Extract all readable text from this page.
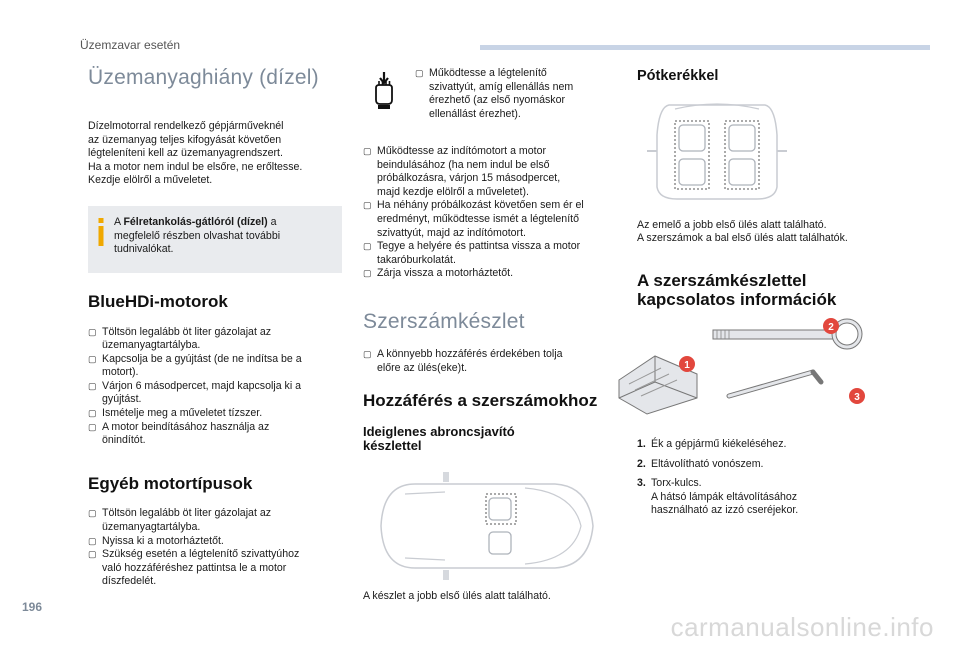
Üzemzavar esetén
Üzemanyaghiány (dízel)
Dízelmotorral rendelkező gépjárműveknél
az üzemanyag teljes kifogyását követően
légteleníteni kell az üzemanyagrendszert.
Ha a motor nem indul be elsőre, ne erőltesse.
Kezdje elölről a műveletet.
A Félretankolás-gátlóról (dízel) a
megfelelő részben olvashat további
tudnivalókat.
BlueHDi-motorok
▢ Töltsön legalább öt liter gázolajat az
üzemanyagtartályba.
▢ Kapcsolja be a gyújtást (de ne indítsa be a
motort).
▢ Várjon 6 másodpercet, majd kapcsolja ki a
gyújtást.
▢ Ismételje meg a műveletet tízszer.
▢ A motor beindításához használja az
önindítót.
Egyéb motortípusok
▢ Töltsön legalább öt liter gázolajat az
üzemanyagtartályba.
▢ Nyissa ki a motorháztetőt.
▢ Szükség esetén a légtelenítő szivattyúhoz
való hozzáféréshez pattintsa le a motor
díszfedelét.
▢ Működtesse a légtelenítő
szivattyút, amíg ellenállás nem
érezhető (az első nyomáskor
ellenállást érezhet).
▢ Működtesse az indítómotort a motor
beindulásához (ha nem indul be első
próbálkozásra, várjon 15 másodpercet,
majd kezdje elölről a műveletet).
▢ Ha néhány próbálkozást követően sem ér el
eredményt, működtesse ismét a légtelenítő
szivattyút, majd az indítómotort.
▢ Tegye a helyére és pattintsa vissza a motor
takaróburkolatát.
▢ Zárja vissza a motorháztetőt.
Szerszámkészlet
▢ A könnyebb hozzáférés érdekében tolja
előre az ülés(eke)t.
Hozzáférés a szerszámokhoz
Ideiglenes abroncsjavító
készlettel
A készlet a jobb első ülés alatt található.
Pótkerékkel
Az emelő a jobb első ülés alatt található.
A szerszámok a bal első ülés alatt találhatók.
A szerszámkészlettel
kapcsolatos információk
1
2
3
1. Ék a gépjármű kiékeléséhez.
2. Eltávolítható vonószem.
3. Torx-kulcs.
A hátsó lámpák eltávolításához
használható az izzó cseréjekor.
196
carmanualsonline.info
